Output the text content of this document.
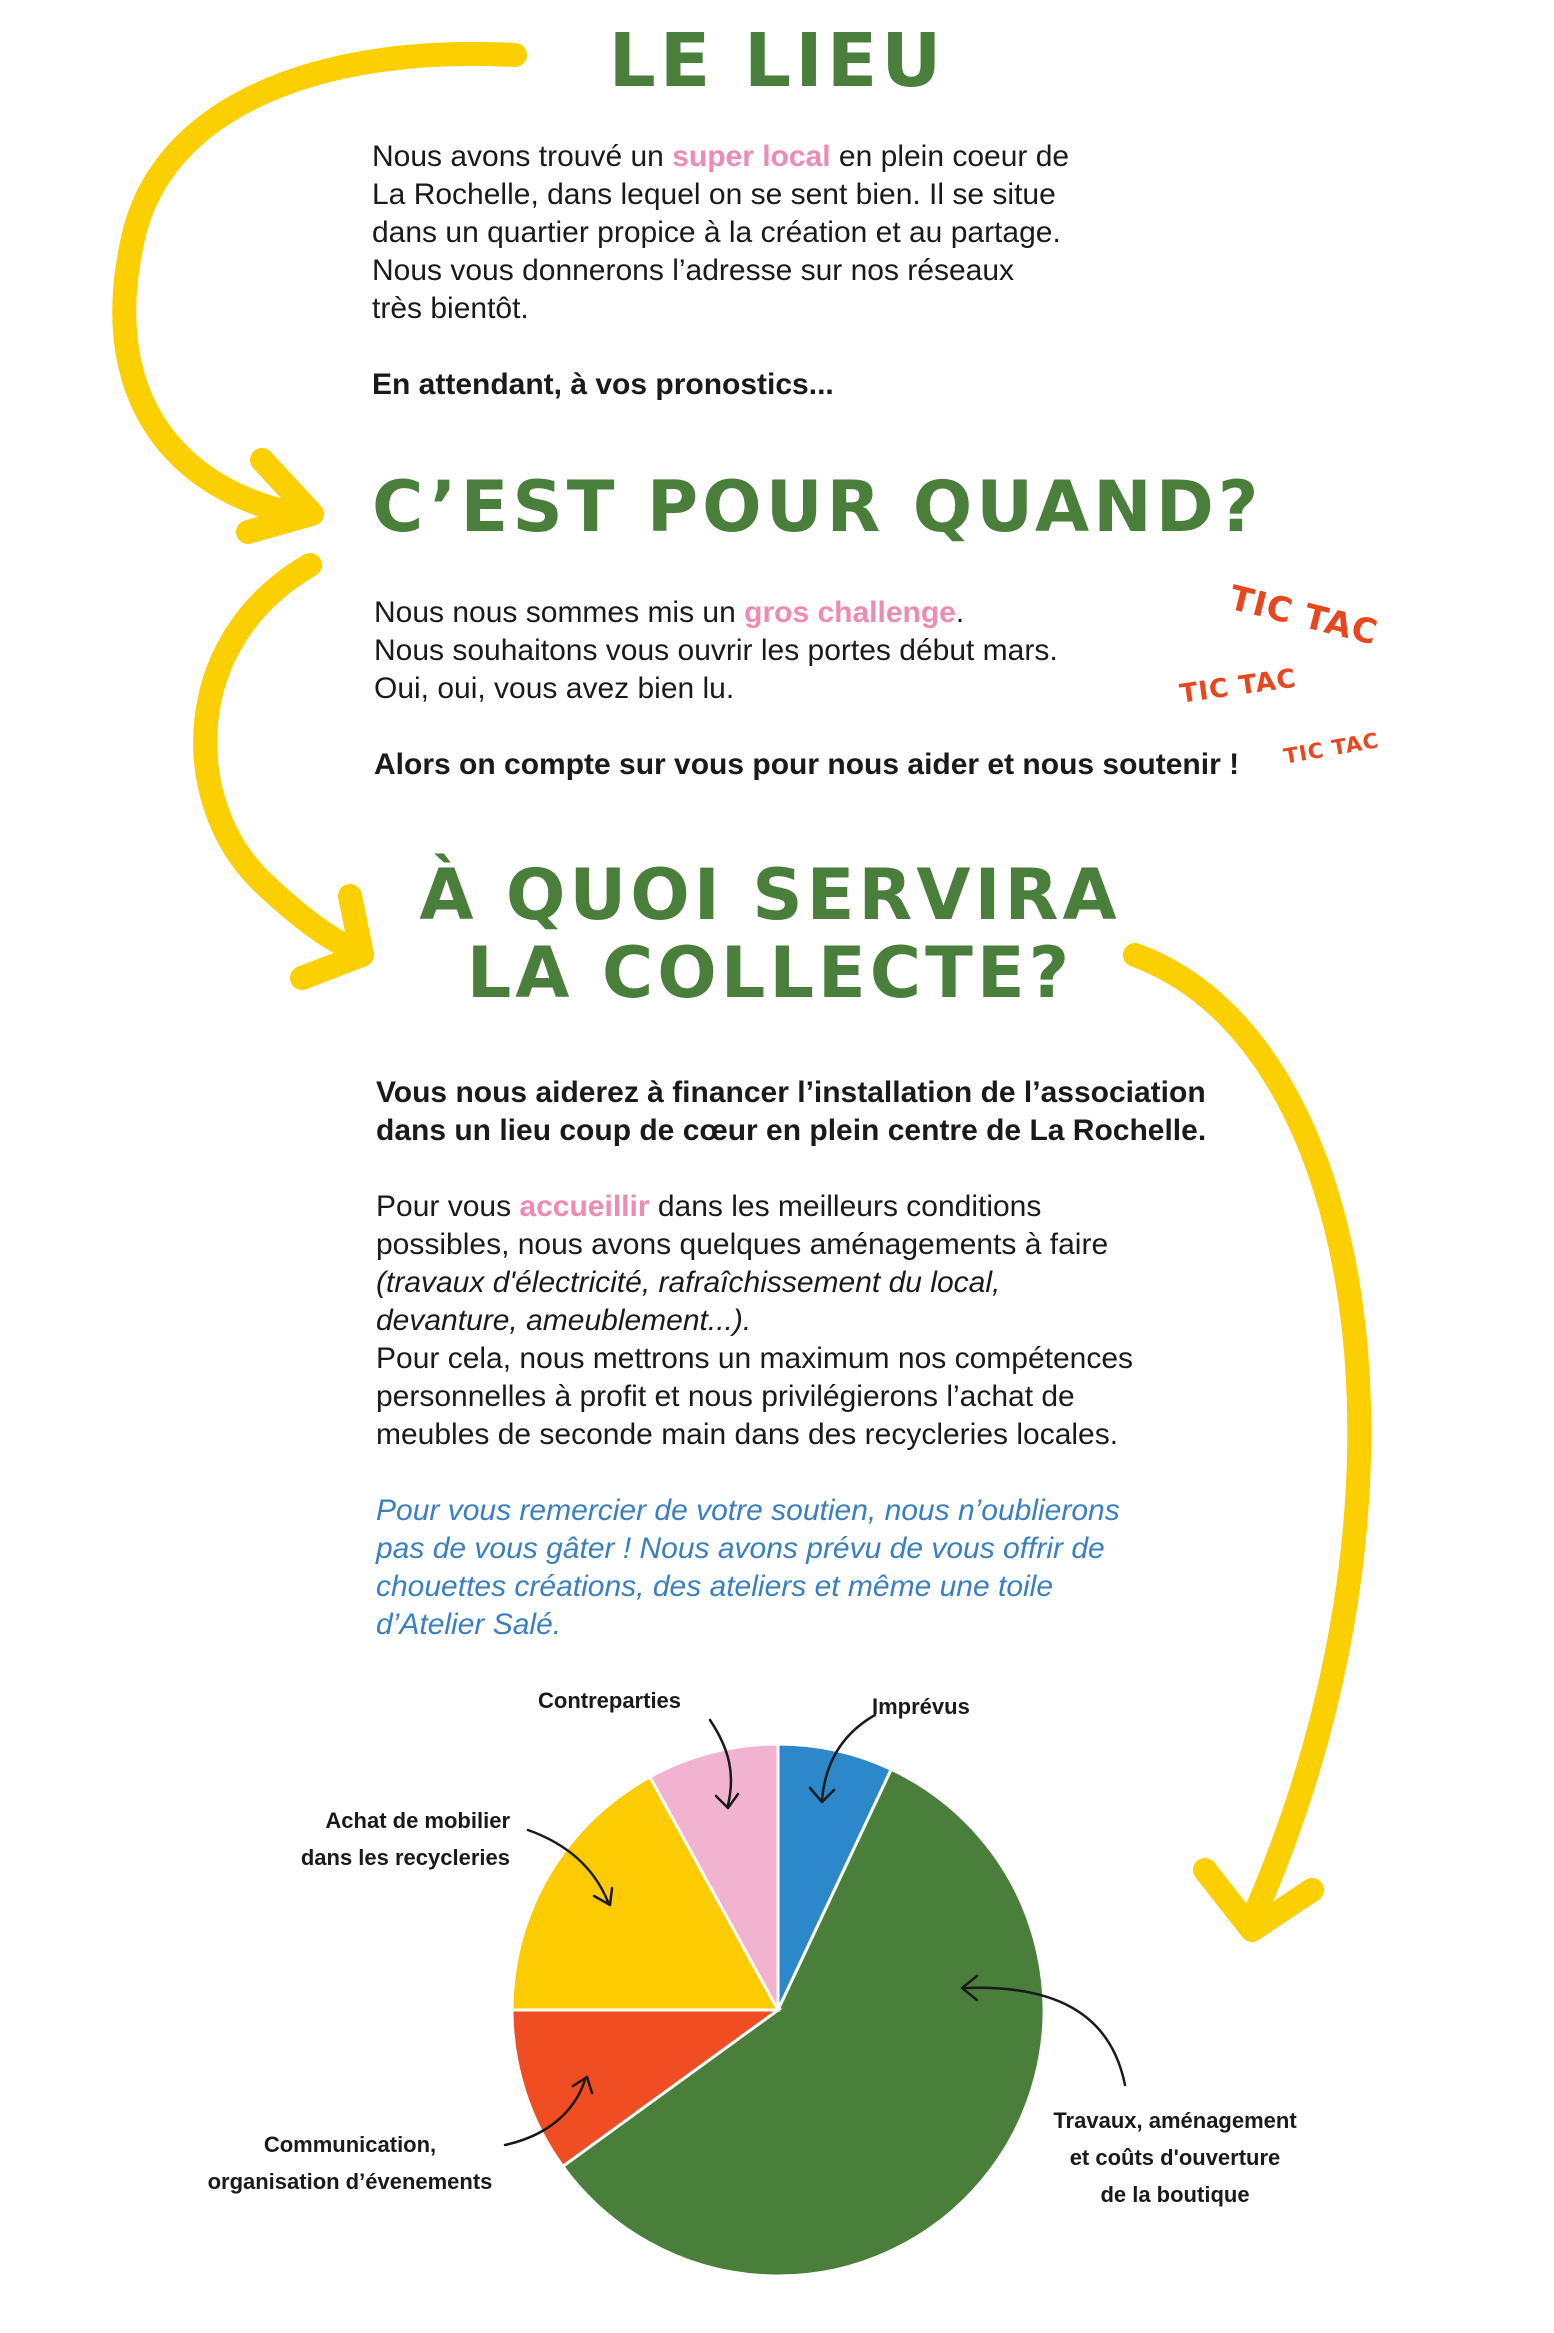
LE LIEU

Nous avons trouvé un super local en plein coeur de

La Rochelle, dans lequel on se sent bien. Il se situe

dans un quartier propice à la création et au partage.

Nous vous donnerons l’adresse sur nos réseaux

très bientôt.

En attendant, à vos pronostics...

C’EST POUR QUAND?

Nous nous sommes mis un gros challenge.

Nous souhaitons vous ouvrir les portes début mars.

Oui, oui, vous avez bien lu.

Alors on compte sur vous pour nous aider et nous soutenir !

TIC TAC
TIC TAC
TIC TAC
À QUOI SERVIRA
LA COLLECTE?

Vous nous aiderez à financer l’installation de l’association

dans un lieu coup de cœur en plein centre de La Rochelle.

Pour vous accueillir dans les meilleurs conditions

possibles, nous avons quelques aménagements à faire

(travaux d'électricité, rafraîchissement du local,

devanture, ameublement...).

Pour cela, nous mettrons un maximum nos compétences

personnelles à profit et nous privilégierons l’achat de

meubles de seconde main dans des recycleries locales.

Pour vous remercier de votre soutien, nous n’oublierons

pas de vous gâter ! Nous avons prévu de vous offrir de

chouettes créations, des ateliers et même une toile

d’Atelier Salé.

Imprévus
Contreparties
Achat de mobilier
dans les recycleries
Communication,
organisation d’évenements
Travaux, aménagement
et coûts d'ouverture
de la boutique
